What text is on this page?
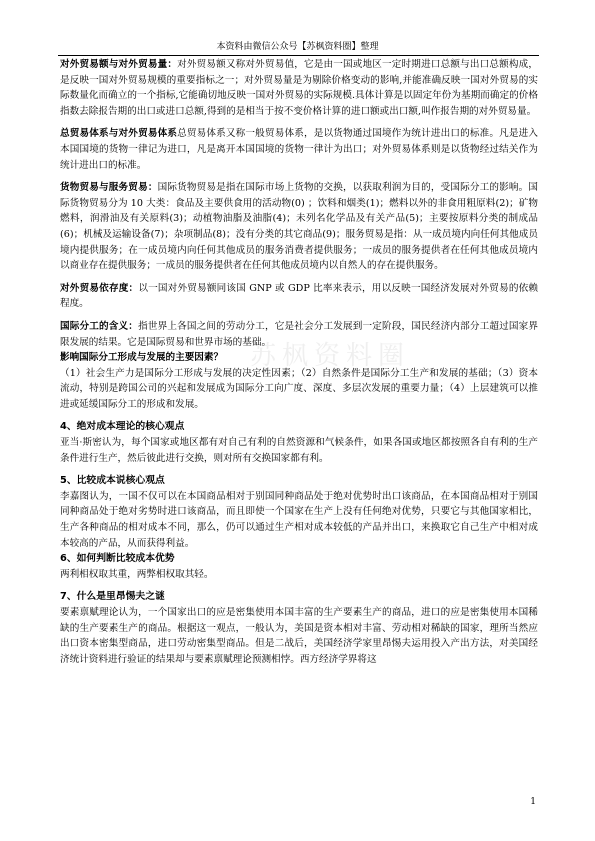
本资料由微信公众号【苏枫资料圈】整理
苏枫资料圈

对外贸易额与对外贸易量：对外贸易额又称对外贸易值，它是由一国或地区一定时期进口总额与出口总额构成，是反映一国对外贸易规模的重要指标之一；对外贸易量是为剔除价格变动的影响,并能准确反映一国对外贸易的实际数量化而确立的一个指标,它能确切地反映一国对外贸易的实际规模.具体计算是以固定年份为基期而确定的价格指数去除报告期的出口或进口总额,得到的是相当于按不变价格计算的进口额或出口额,叫作报告期的对外贸易量。

总贸易体系与对外贸易体系总贸易体系又称一般贸易体系，是以货物通过国境作为统计进出口的标准。凡是进入本国国境的货物一律记为进口，凡是离开本国国境的货物一律计为出口；对外贸易体系则是以货物经过结关作为统计进出口的标准。

货物贸易与服务贸易：国际货物贸易是指在国际市场上货物的交换，以获取利润为目的，受国际分工的影响。国际货物贸易分为 10 大类：食品及主要供食用的活动物(0) ；饮料和烟类(1)；燃料以外的非食用粗原料(2)；矿物燃料，润滑油及有关原料(3)；动植物油脂及油脂(4)；未列名化学品及有关产品(5)；主要按原料分类的制成品(6)；机械及运输设备(7)；杂项制品(8)；没有分类的其它商品(9)；服务贸易是指：从一成员境内向任何其他成员境内提供服务；在一成员境内向任何其他成员的服务消费者提供服务；一成员的服务提供者在任何其他成员境内以商业存在提供服务；一成员的服务提供者在任何其他成员境内以自然人的存在提供服务。

对外贸易依存度：以一国对外贸易额同该国 GNP 或 GDP 比率来表示，用以反映一国经济发展对外贸易的依赖程度。

国际分工的含义：指世界上各国之间的劳动分工，它是社会分工发展到一定阶段，国民经济内部分工超过国家界限发展的结果。它是国际贸易和世界市场的基础。

影响国际分工形成与发展的主要因素？

（1）社会生产力是国际分工形成与发展的决定性因素；（2）自然条件是国际分工生产和发展的基础；（3）资本流动，特别是跨国公司的兴起和发展成为国际分工向广度、深度、多层次发展的重要力量；（4）上层建筑可以推进或延缓国际分工的形成和发展。

4、绝对成本理论的核心观点

亚当·斯密认为，每个国家或地区都有对自己有利的自然资源和气候条件，如果各国或地区都按照各自有利的生产条件进行生产，然后彼此进行交换，则对所有交换国家都有利。

5、比较成本说核心观点

李嘉图认为，一国不仅可以在本国商品相对于别国同种商品处于绝对优势时出口该商品，在本国商品相对于别国同种商品处于绝对劣势时进口该商品，而且即使一个国家在生产上没有任何绝对优势，只要它与其他国家相比，生产各种商品的相对成本不同，那么，仍可以通过生产相对成本较低的产品并出口，来换取它自己生产中相对成本较高的产品，从而获得利益。

6、如何判断比较成本优势

两利相权取其重，两弊相权取其轻。

7、什么是里昂惕夫之谜

要素禀赋理论认为，一个国家出口的应是密集使用本国丰富的生产要素生产的商品，进口的应是密集使用本国稀缺的生产要素生产的商品。根据这一观点，一般认为，美国是资本相对丰富、劳动相对稀缺的国家，理所当然应出口资本密集型商品，进口劳动密集型商品。但是二战后，美国经济学家里昂惕夫运用投入产出方法，对美国经济统计资料进行验证的结果却与要素禀赋理论预测相悖。西方经济学界将这

1
